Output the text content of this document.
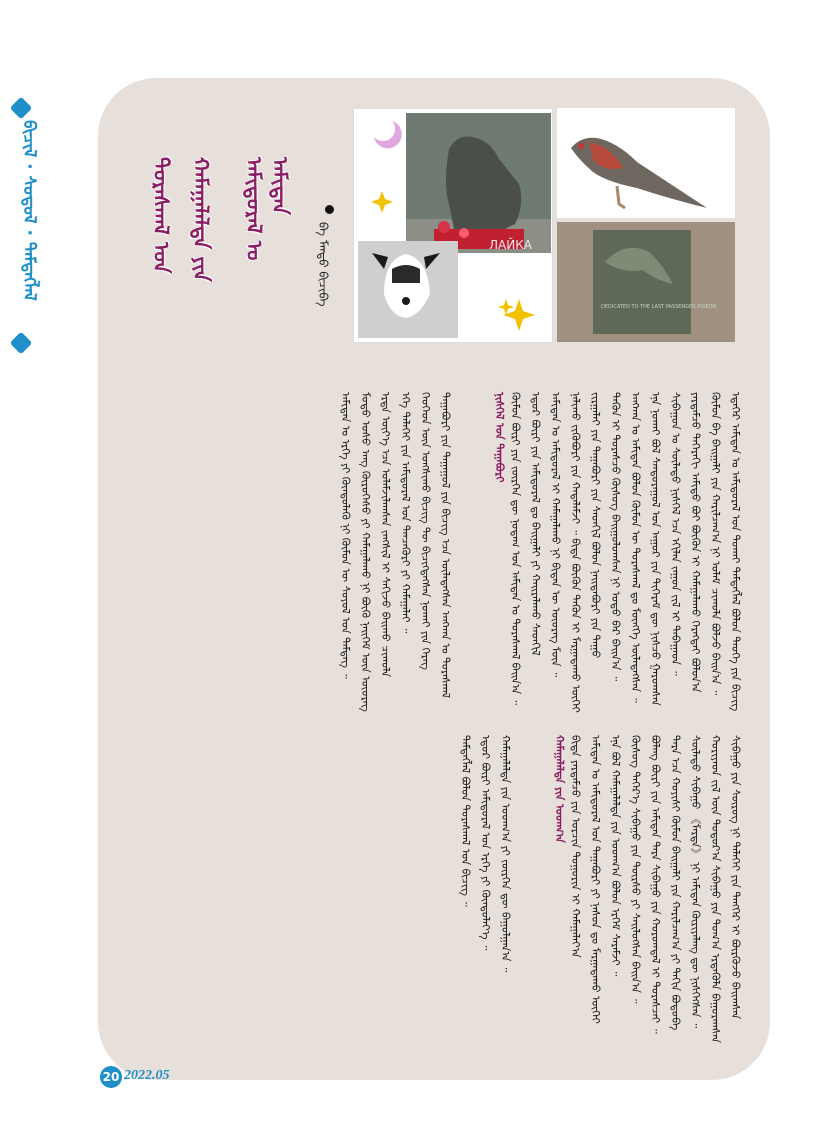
ᠪᠢᠴᠢᠯ · ᠰᠤᠳᠤᠯ · ᠲᠡᠮᠳᠡᠭᠯᠡᠯ	ᠠᠮᠢᠲᠠᠨ
ᠠᠮᠢᠳᠤᠷᠠᠯ ᠤ
ᠬᠠᠮᠠᠭᠠᠯᠠᠯᠲᠠ ᠶᠢᠨ
ᠳᠤᠷᠠᠰᠬᠠᠯ ᠤᠨ	ᠪᠠ ᠮᠡᠨᠳᠦ ᠪᠢᠴᠢᠪᠡ	ЛАЙКА
DEDICATED TO THE LAST PASSENGER PIGEON
ᠡᠳᠡᠭᠡᠷ ᠠᠮᠢᠲᠠᠨ ᠤ ᠠᠮᠢᠳᠤᠷᠠᠯ ᠤᠨ ᠲᠤᠬᠠᠢ ᠲᠡᠮᠳᠡᠭᠯᠡᠯ ᠪᠣᠯᠤᠨ ᠲᠡᠦᠬᠡ ᠶᠢᠨ ᠪᠢᠴᠢᠭ
ᠬᠦᠮᠦᠨ ᠪᠠ ᠪᠠᠢᠭᠠᠯᠢ ᠶᠢᠨ ᠬᠠᠷᠢᠯᠴᠠᠭ᠎ᠠ ᠨᠢ ᠤᠯᠠᠮ ᠴᠢᠬᠤᠯᠠ ᠪᠣᠯᠵᠤ ᠪᠠᠢᠨ᠎ᠠ ᠃
ᠶᠡᠷᠲᠡᠮᠴᠦ ᠳᠡᠭᠡᠷᠡᠬᠢ ᠠᠮᠢᠳᠤ ᠪᠤᠢ ᠪᠦᠬᠦᠨ ᠢ ᠬᠠᠮᠠᠭᠠᠯᠠᠬᠤ ᠬᠡᠷᠡᠭᠲᠡᠢ ᠪᠣᠯᠤᠨ᠎ᠠ
ᠰᠢᠪᠠᠭᠤᠨ ᠤ ᠰᠦᠯᠡᠳᠦ ᠨᠢᠰᠬᠡᠯ ᠡᠴᠡ ᠡᠬᠢᠯᠡᠨ ᠵᠠᠭᠤᠨ ᠵᠢᠯ ᠢ ᠳᠠᠪᠠᠭᠠᠳ ᠃
ᠡᠨᠡ ᠨᠣᠬᠠᠢ ᠪᠣᠯ ᠰᠠᠨᠳᠤᠷᠠᠭᠤᠯ ᠤᠨ ᠠᠭᠤᠷ ᠶᠢᠨ ᠲᠢᠭᠡᠷᠡᠮ ᠳᠦ ᠨᠢᠰᠴᠤ ᠭᠠᠷᠤᠭᠰᠠᠨ
ᠠᠩᠬᠠᠨ ᠤ ᠠᠮᠢᠲᠠᠨ ᠪᠣᠯᠤᠨ ᠬᠦᠮᠦᠨ ᠦ ᠳᠤᠷᠠᠰᠬᠠᠯ ᠳᠤ ᠮᠥᠩᠬᠡ ᠦᠯᠡᠳᠡᠭᠰᠡᠨ ᠃
ᠲᠡᠭᠦᠨ ᠢ ᠳᠤᠷᠠᠰᠴᠤ ᠬᠥᠰᠥᠭ ᠪᠠᠢᠭᠤᠯᠤᠭᠰᠠᠨ ᠨᠢ ᠣᠳᠣ ᠪᠡᠷ ᠪᠠᠢᠨ᠎ᠠ ᠃
ᠵᠢᠷᠭᠠᠯᠠᠢ ᠶᠢᠨ ᠲᠠᠭᠠᠪᠤᠷᠢ ᠶᠢᠨ ᠰᠡᠳᠭᠢᠯ ᠪᠣᠯᠤᠨ ᠨᠠᠢᠳᠡᠪᠤᠷᠢ ᠶᠢᠨ ᠳᠠᠭᠤ
ᠨᠠᠯᠢᠬᠤ ᠵᠢᠭᠦᠪᠦᠷᠢ ᠶᠢᠨ ᠬᠠᠳᠠᠯᠠᠮᠵᠢ ᠃ ᠪᠢᠳᠡ ᠪᠦᠬᠦᠨ ᠲᠡᠭᠦᠨ ᠢ ᠮᠠᠷᠭᠠᠳᠠᠬᠤ ᠦᠭᠡᠢ
ᠠᠮᠢᠲᠠᠨ ᠤ ᠠᠮᠢᠳᠤᠷᠠᠯ ᠢ ᠬᠠᠮᠠᠭᠠᠯᠠᠬᠤ ᠨᠢ ᠪᠢᠳᠡᠨ ᠦ ᠦᠦᠷᠡᠭ ᠮᠥᠨ ᠃
ᠡᠳᠦᠷ ᠪᠦᠷᠢ ᠶᠢᠨ ᠠᠮᠢᠳᠤᠷᠠᠯ ᠳᠤ ᠪᠠᠢᠭᠠᠯᠢ ᠶᠢ ᠬᠠᠢᠷᠠᠯᠠᠬᠤ ᠰᠡᠳᠬᠢᠯ
ᠬᠦᠮᠦᠨ ᠪᠦᠷᠢ ᠶᠢᠨ ᠵᠦᠷᠬᠡᠨ ᠳᠦ ᠨᠤᠲᠠᠭ ᠤᠨ ᠠᠮᠢᠲᠠᠨ ᠤ ᠳᠤᠷᠠᠰᠬᠠᠯ ᠪᠠᠢᠨ᠎ᠠ ᠃
ᠨᠢᠰᠬᠡᠯ ᠤᠨ ᠲᠠᠭᠠᠪᠤᠷᠢ
ᠲᠠᠭᠠᠪᠤᠷᠢ ᠶᠢᠨ ᠲᠠᠭᠠᠭᠤᠯ ᠶᠢᠨ ᠪᠢᠴᠢᠭ ᠡᠴᠡ ᠦᠯᠡᠳᠡᠭᠰᠡᠨ ᠠᠩᠬᠠᠨ ᠤ ᠳᠤᠷᠠᠰᠬᠠᠯ
ᠬᠡᠦᠬᠡᠳ ᠦᠨ ᠤᠩᠰᠢᠬᠤ ᠪᠢᠴᠢᠭ ᠲᠦ ᠪᠢᠴᠢᠭᠳᠡᠭᠰᠡᠨ ᠨᠣᠬᠠᠢ ᠶᠢᠨ ᠬᠡᠷᠡᠭ
ᠡᠬᠡ ᠳᠡᠯᠡᠬᠡᠢ ᠶᠢᠨ ᠠᠮᠢᠳᠤᠷᠠᠯ ᠤᠨ ᠲᠡᠨᠴᠡᠭᠦᠷᠢ ᠶᠢ ᠬᠠᠮᠠᠭᠠᠯᠠᠶ ᠃
ᠡᠷᠲᠡ ᠦᠶ᠎ᠡ ᠡᠴᠡ ᠤᠯᠠᠮᠵᠢᠯᠠᠭᠰᠠᠨ ᠵᠠᠩᠰᠢᠯ ᠢ ᠰᠠᠬᠢᠵᠤ ᠪᠠᠢᠬᠤ ᠴᠢᠬᠤᠯᠠ
ᠮᠣᠳᠣ ᠤᠰᠤ ᠠᠩ ᠭᠦᠷᠦᠭᠡᠰᠦ ᠶᠢ ᠬᠠᠮᠠᠭᠠᠯᠠᠬᠤ ᠨᠢ ᠪᠦᠬᠦ ᠨᠡᠢᠭᠡᠮ ᠦᠨ ᠦᠦᠷᠡᠭ
ᠠᠮᠢᠲᠠᠨ ᠤ ᠡᠷᠬᠡ ᠶᠢ ᠬᠦᠨᠳᠦᠯᠡᠬᠦ ᠨᠢ ᠬᠦᠮᠦᠨ ᠦ ᠰᠣᠶᠣᠯ ᠤᠨ ᠲᠡᠮᠳᠡᠭ ᠃
ᠰᠢᠪᠠᠭᠤ ᠶᠢᠨ ᠰᠦᠷᠦᠭ ᠨᠢ ᠳᠡᠯᠡᠬᠡᠢ ᠶᠢᠨ ᠲᠡᠩᠭᠡᠷ ᠢ ᠪᠦᠷᠬᠦᠵᠦ ᠪᠠᠢᠭᠰᠠᠨ
ᠬᠤᠷᠢᠶᠠᠳ ᠵᠢᠯ ᠦᠨ ᠳᠣᠲᠣᠷ᠎ᠠ ᠰᠢᠪᠠᠭᠤ ᠶᠢᠨ ᠲᠣᠭ᠎ᠠ ᠡᠷᠲᠡᠭᠦᠯᠡ ᠪᠠᠭᠤᠷᠠᠭᠰᠠᠨ
ᠰᠦᠯᠡᠳᠦ ᠰᠢᠪᠠᠭᠤ 《ᠮᠠᠷᠲᠠ》 ᠨᠢ ᠠᠮᠢᠲᠠᠨ ᠬᠦᠷᠢᠶᠡᠯᠡᠩ ᠳᠦ ᠨᠢᠰᠬᠡᠭᠰᠡᠨ ᠃
ᠲᠡᠷᠡ ᠡᠴᠡ ᠬᠣᠶᠢᠰᠢ ᠬᠦᠮᠦᠨ ᠪᠠᠢᠭᠠᠯᠢ ᠶᠢᠨ ᠬᠠᠷᠢᠯᠴᠠᠭ᠎ᠠ ᠶᠢ ᠳᠠᠬᠢᠨ ᠪᠣᠳᠤᠪᠠ
ᠪᠤᠯᠠᠩ ᠪᠦᠷᠢ ᠶᠢᠨ ᠠᠮᠢᠲᠠᠨ ᠲᠡᠷᠡ ᠰᠢᠪᠠᠭᠤ ᠶᠢᠨ ᠬᠣᠷᠤᠭᠳᠠᠯ ᠢ ᠳᠤᠷᠠᠰᠴᠠᠢ ᠃
ᠬᠥᠰᠥᠭ ᠳᠡᠭᠡᠷ᠎ᠡ ᠰᠢᠪᠠᠭᠤ ᠶᠢᠨ ᠳᠦᠷᠰᠦ ᠶᠢ ᠰᠡᠢᠯᠦᠭᠰᠡᠨ ᠪᠠᠢᠨ᠎ᠠ ᠃
ᠡᠨᠡ ᠪᠣᠯ ᠬᠠᠮᠠᠭᠠᠯᠠᠯᠲᠠ ᠶᠢᠨ ᠤᠳᠬ᠎ᠠ ᠪᠣᠯᠤᠨ ᠡᠷᠬᠡᠮ ᠰᠡᠷᠡᠮᠵᠢ ᠃
ᠠᠮᠢᠲᠠᠨ ᠤ ᠠᠮᠢᠳᠤᠷᠠᠯ ᠤᠨ ᠲᠠᠭᠠᠪᠤᠷᠢ ᠶᠢ ᠨᠠᠰᠤᠨ ᠳᠤ ᠮᠠᠷᠭᠠᠳᠠᠬᠤ ᠦᠭᠡᠢ
ᠪᠢᠳᠡ ᠶᠡᠷᠲᠡᠮᠴᠦ ᠶᠢᠨ ᠣᠷᠴᠢᠨ ᠲᠣᠭᠣᠷᠢᠨ ᠢ ᠬᠠᠮᠠᠭᠠᠯᠠᠶ᠎ᠠ
ᠬᠠᠮᠠᠭᠠᠯᠠᠯᠲᠠ ᠶᠢᠨ ᠤᠳᠬ᠎ᠠ
ᠬᠠᠮᠠᠭᠠᠯᠠᠯᠲᠠ ᠶᠢᠨ ᠤᠳᠬ᠎ᠠ ᠶᠢ ᠵᠦᠷᠬᠡᠨ ᠳᠦ ᠪᠠᠭᠤᠯᠭᠠᠨ᠎ᠠ ᠃
ᠡᠳᠦᠷ ᠪᠦᠷᠢ ᠠᠮᠢᠳᠤᠷᠠᠯ ᠤᠨ ᠡᠷᠬᠡ ᠶᠢ ᠬᠦᠨᠳᠦᠯᠡᠶ᠎ᠡ ᠃
ᠲᠡᠮᠳᠡᠭᠯᠡᠯ ᠪᠣᠯᠤᠨ ᠳᠤᠷᠠᠰᠬᠠᠯ ᠤᠨ ᠪᠢᠴᠢᠭ ᠃
20 2022.05
